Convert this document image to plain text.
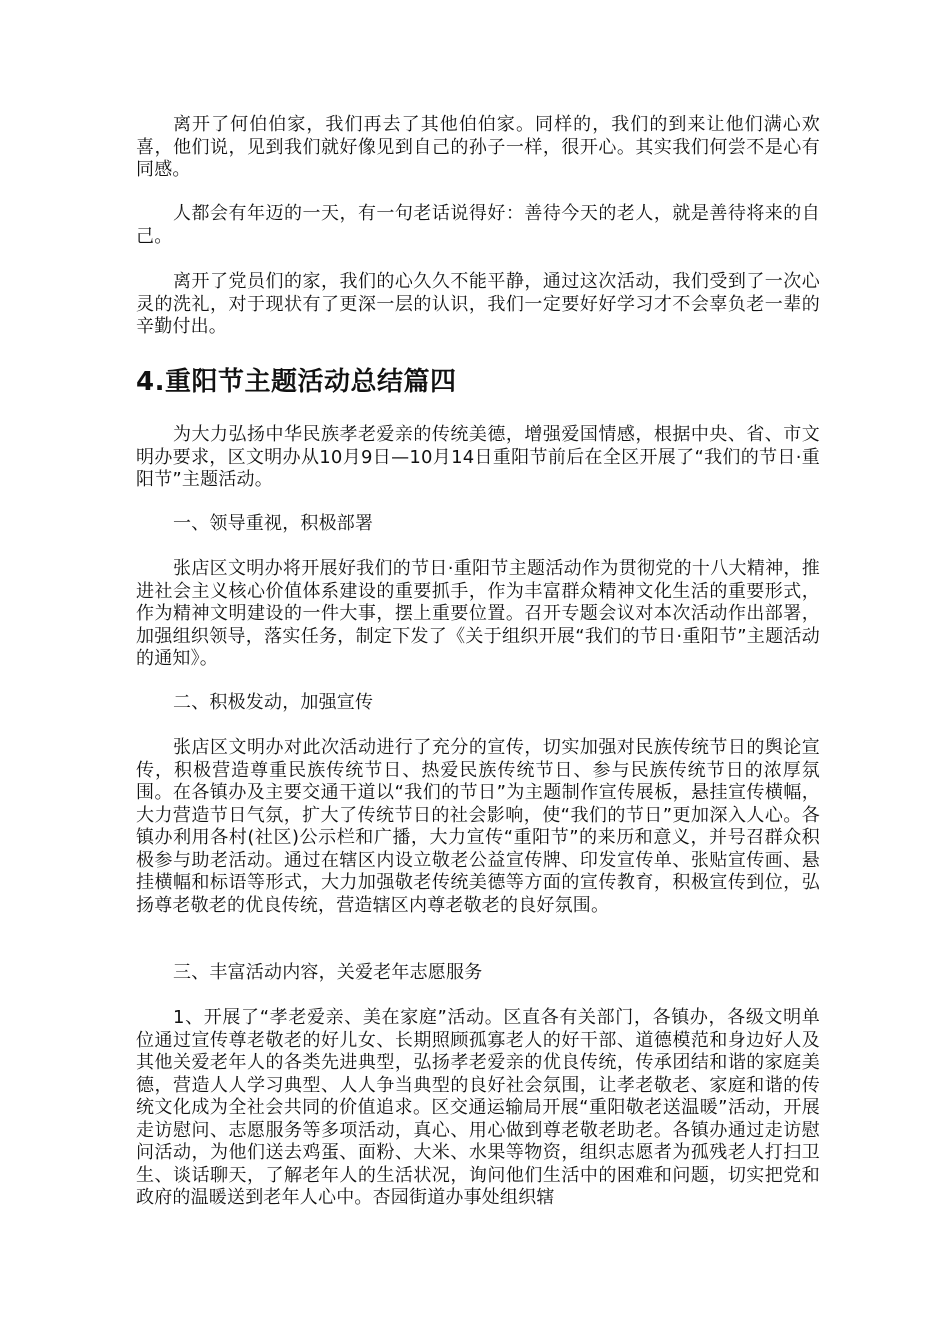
离开了何伯伯家，我们再去了其他伯伯家。同样的，我们的到来让他们满心欢喜，他们说，见到我们就好像见到自己的孙子一样，很开心。其实我们何尝不是心有同感。

人都会有年迈的一天，有一句老话说得好：善待今天的老人，就是善待将来的自己。

离开了党员们的家，我们的心久久不能平静，通过这次活动，我们受到了一次心灵的洗礼，对于现状有了更深一层的认识，我们一定要好好学习才不会辜负老一辈的辛勤付出。

4.重阳节主题活动总结篇四

为大力弘扬中华民族孝老爱亲的传统美德，增强爱国情感，根据中央、省、市文明办要求，区文明办从10月9日—10月14日重阳节前后在全区开展了“我们的节日·重阳节”主题活动。

一、领导重视，积极部署

张店区文明办将开展好我们的节日·重阳节主题活动作为贯彻党的十八大精神，推进社会主义核心价值体系建设的重要抓手，作为丰富群众精神文化生活的重要形式，作为精神文明建设的一件大事，摆上重要位置。召开专题会议对本次活动作出部署，加强组织领导，落实任务，制定下发了《关于组织开展“我们的节日·重阳节”主题活动的通知》。

二、积极发动，加强宣传

张店区文明办对此次活动进行了充分的宣传，切实加强对民族传统节日的舆论宣传，积极营造尊重民族传统节日、热爱民族传统节日、参与民族传统节日的浓厚氛围。在各镇办及主要交通干道以“我们的节日”为主题制作宣传展板，悬挂宣传横幅，大力营造节日气氛，扩大了传统节日的社会影响，使“我们的节日”更加深入人心。各镇办利用各村(社区)公示栏和广播，大力宣传“重阳节”的来历和意义，并号召群众积极参与助老活动。通过在辖区内设立敬老公益宣传牌、印发宣传单、张贴宣传画、悬挂横幅和标语等形式，大力加强敬老传统美德等方面的宣传教育，积极宣传到位，弘扬尊老敬老的优良传统，营造辖区内尊老敬老的良好氛围。

三、丰富活动内容，关爱老年志愿服务

1、开展了“孝老爱亲、美在家庭”活动。区直各有关部门，各镇办，各级文明单位通过宣传尊老敬老的好儿女、长期照顾孤寡老人的好干部、道德模范和身边好人及其他关爱老年人的各类先进典型，弘扬孝老爱亲的优良传统，传承团结和谐的家庭美德，营造人人学习典型、人人争当典型的良好社会氛围，让孝老敬老、家庭和谐的传统文化成为全社会共同的价值追求。区交通运输局开展“重阳敬老送温暖”活动，开展走访慰问、志愿服务等多项活动，真心、用心做到尊老敬老助老。各镇办通过走访慰问活动，为他们送去鸡蛋、面粉、大米、水果等物资，组织志愿者为孤残老人打扫卫生、谈话聊天，了解老年人的生活状况，询问他们生活中的困难和问题，切实把党和政府的温暖送到老年人心中。杏园街道办事处组织辖
